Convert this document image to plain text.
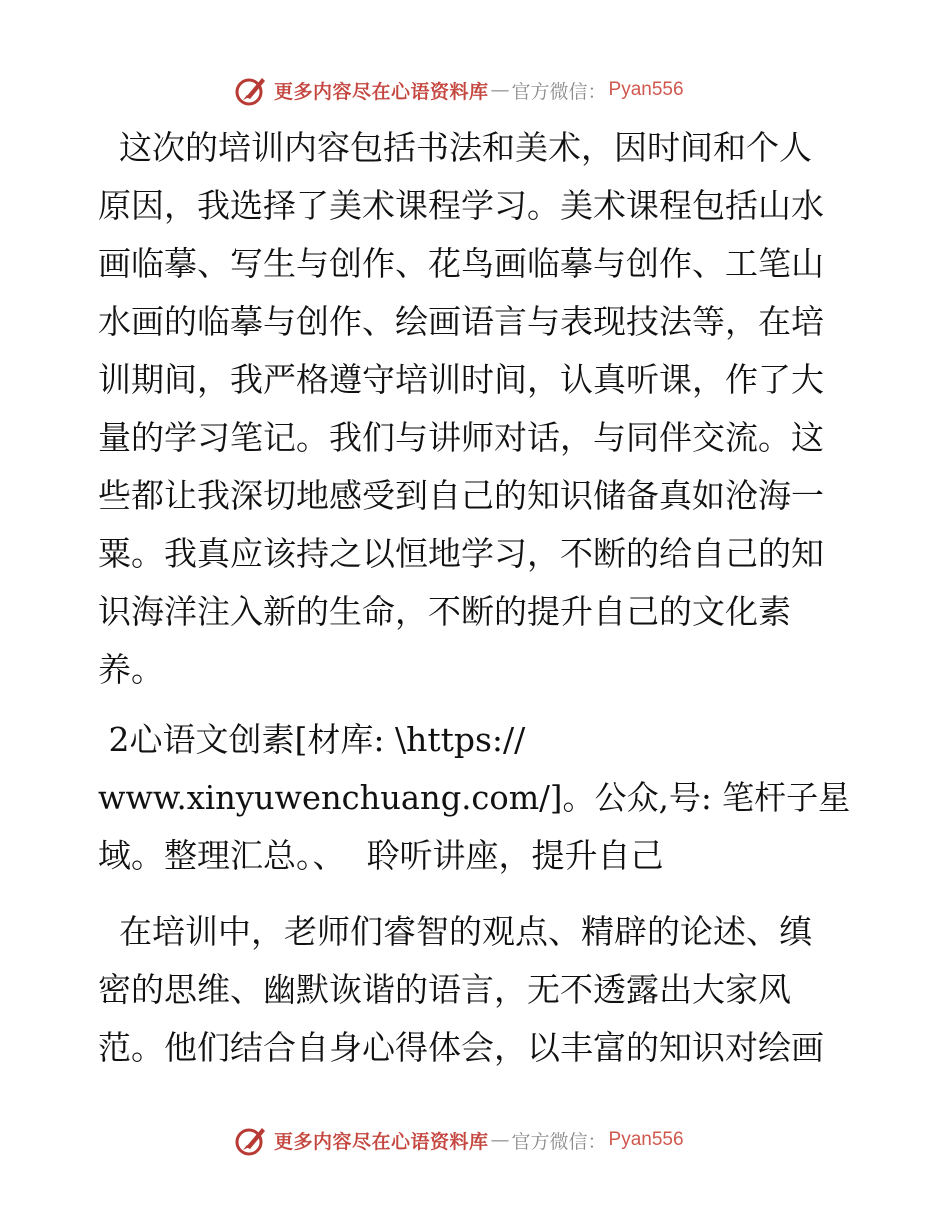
更多内容尽在心语资料库 — 官方微信： Pyan556
这次的培训内容包括书法和美术，因时间和个人
原因，我选择了美术课程学习。美术课程包括山水
画临摹、写生与创作、花鸟画临摹与创作、工笔山
水画的临摹与创作、绘画语言与表现技法等，在培
训期间，我严格遵守培训时间，认真听课，作了大
量的学习笔记。我们与讲师对话，与同伴交流。这
些都让我深切地感受到自己的知识储备真如沧海一
粟。我真应该持之以恒地学习，不断的给自己的知
识海洋注入新的生命，不断的提升自己的文化素
养。
2心语文创素[材库: \https://
www.xinyuwenchuang.com/]。公众,号: 笔杆子星
域。整理汇总。、  聆听讲座，提升自己
在培训中，老师们睿智的观点、精辟的论述、缜
密的思维、幽默诙谐的语言，无不透露出大家风
范。他们结合自身心得体会，以丰富的知识对绘画
更多内容尽在心语资料库 — 官方微信： Pyan556
